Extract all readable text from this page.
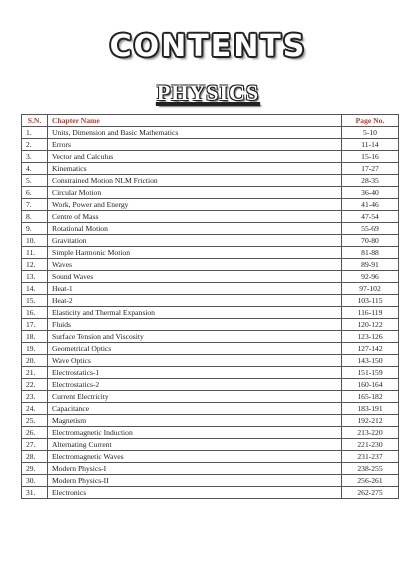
CONTENTS
PHYSICS
S.N.	Chapter Name	Page No.
1.	Units, Dimension and Basic Mathematics	5-10
2.	Errors	11-14
3.	Vector and Calculus	15-16
4.	Kinematics	17-27
5.	Constrained Motion NLM Friction	28-35
6.	Circular Motion	36-40
7.	Work, Power and Energy	41-46
8.	Centre of Mass	47-54
9.	Rotational Motion	55-69
10.	Gravitation	70-80
11.	Simple Harmonic Motion	81-88
12.	Waves	89-91
13.	Sound Waves	92-96
14.	Heat-1	97-102
15.	Heat-2	103-115
16.	Elasticity and Thermal Expansion	116-119
17.	Fluids	120-122
18.	Surface Tension and Viscosity	123-126
19.	Geometrical Optics	127-142
20.	Wave Optics	143-150
21.	Electrostatics-1	151-159
22.	Electrostatics-2	160-164
23.	Current Electricity	165-182
24.	Capacitance	183-191
25.	Magnetism	192-212
26.	Electromagnetic Induction	213-220
27.	Alternating Current	221-230
28.	Electromagnetic Waves	231-237
29.	Modern Physics-I	238-255
30.	Modern Physics-II	256-261
31.	Electronics	262-275
